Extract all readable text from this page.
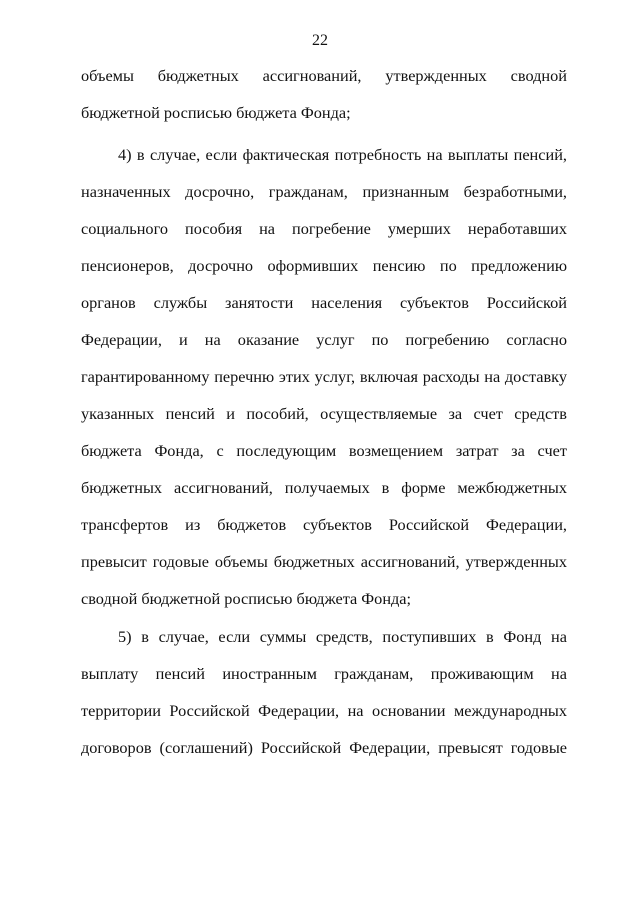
22
объемы бюджетных ассигнований, утвержденных сводной
бюджетной росписью бюджета Фонда;
4) в случае, если фактическая потребность на выплаты пенсий,
назначенных досрочно, гражданам, признанным безработными,
социального пособия на погребение умерших неработавших
пенсионеров, досрочно оформивших пенсию по предложению
органов службы занятости населения субъектов Российской
Федерации, и на оказание услуг по погребению согласно
гарантированному перечню этих услуг, включая расходы на доставку
указанных пенсий и пособий, осуществляемые за счет средств
бюджета Фонда, с последующим возмещением затрат за счет
бюджетных ассигнований, получаемых в форме межбюджетных
трансфертов из бюджетов субъектов Российской Федерации,
превысит годовые объемы бюджетных ассигнований, утвержденных
сводной бюджетной росписью бюджета Фонда;
5) в случае, если суммы средств, поступивших в Фонд на
выплату пенсий иностранным гражданам, проживающим на
территории Российской Федерации, на основании международных
договоров (соглашений) Российской Федерации, превысят годовые
